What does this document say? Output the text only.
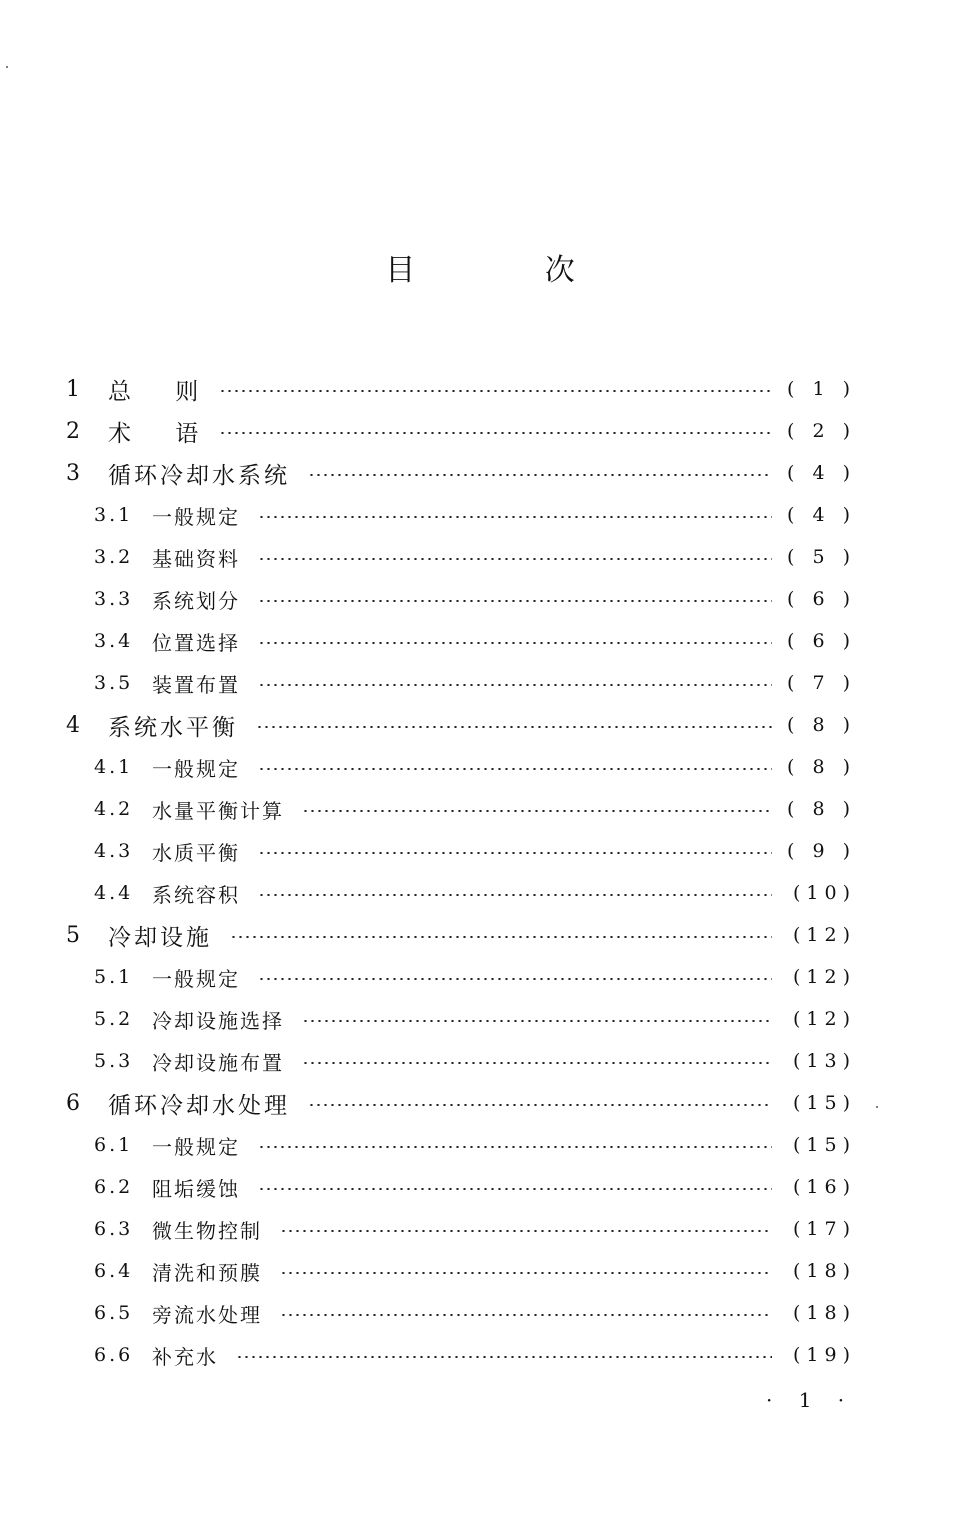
目 次
1	总    则	( 1 )
2	术    语	( 2 )
3	循环冷却水系统	( 4 )
3.1 一般规定	( 4 )
3.2 基础资料	( 5 )
3.3 系统划分	( 6 )
3.4 位置选择	( 6 )
3.5 装置布置	( 7 )
4	系统水平衡	( 8 )
4.1 一般规定	( 8 )
4.2 水量平衡计算	( 8 )
4.3 水质平衡	( 9 )
4.4 系统容积	(10)
5	冷却设施	(12)
5.1 一般规定	(12)
5.2 冷却设施选择	(12)
5.3 冷却设施布置	(13)
6	循环冷却水处理	(15)
6.1 一般规定	(15)
6.2 阻垢缓蚀	(16)
6.3 微生物控制	(17)
6.4 清洗和预膜	(18)
6.5 旁流水处理	(18)
6.6 补充水	(19)
· 1 ·
